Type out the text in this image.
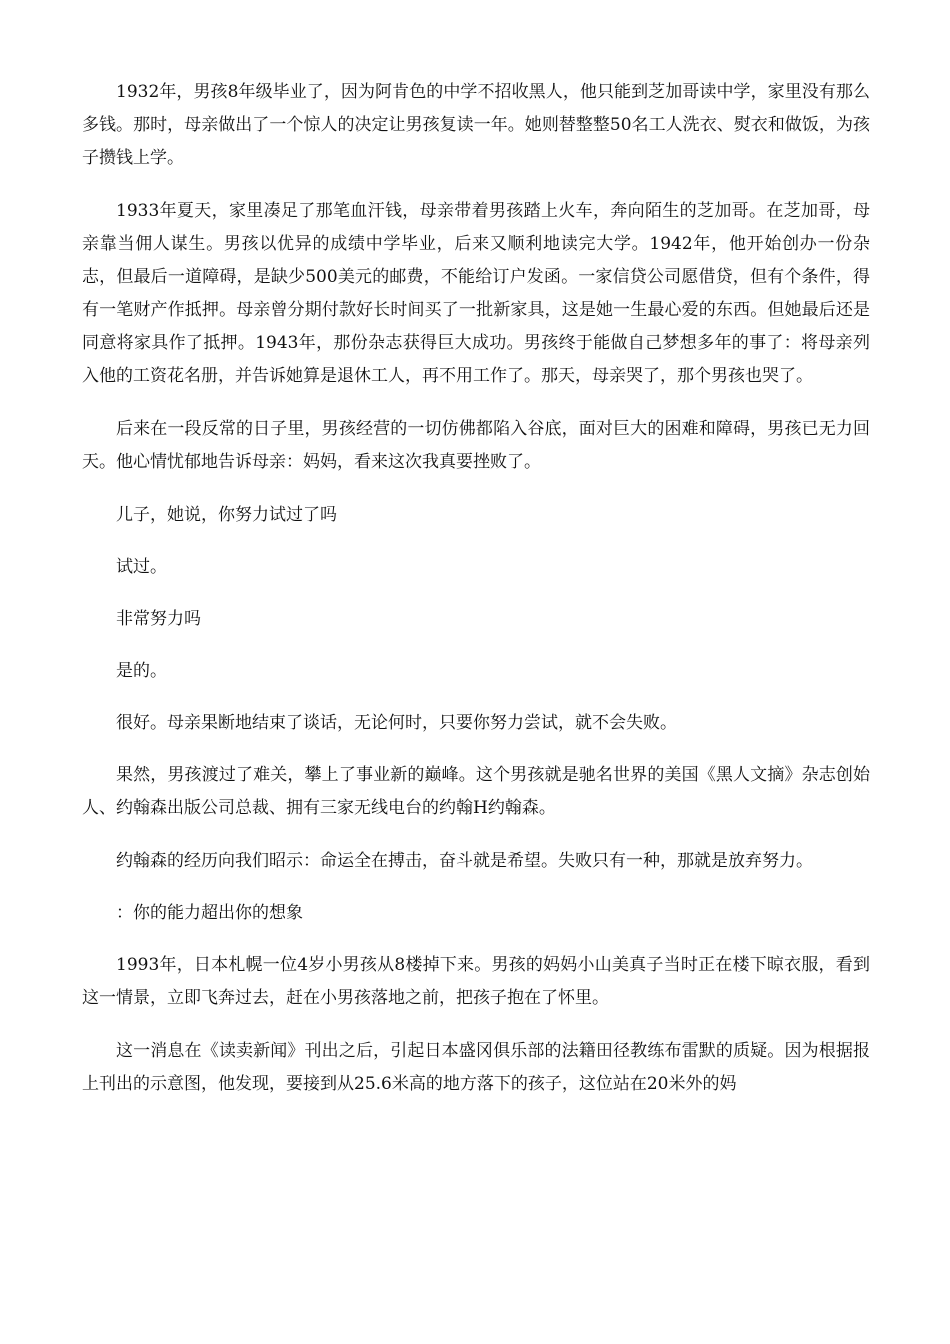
1932年，男孩8年级毕业了，因为阿肯色的中学不招收黑人，他只能到芝加哥读中学，家里没有那么多钱。那时，母亲做出了一个惊人的决定让男孩复读一年。她则替整整50名工人洗衣、熨衣和做饭，为孩子攒钱上学。

1933年夏天，家里凑足了那笔血汗钱，母亲带着男孩踏上火车，奔向陌生的芝加哥。在芝加哥，母亲靠当佣人谋生。男孩以优异的成绩中学毕业，后来又顺利地读完大学。1942年，他开始创办一份杂志，但最后一道障碍，是缺少500美元的邮费，不能给订户发函。一家信贷公司愿借贷，但有个条件，得有一笔财产作抵押。母亲曾分期付款好长时间买了一批新家具，这是她一生最心爱的东西。但她最后还是同意将家具作了抵押。1943年，那份杂志获得巨大成功。男孩终于能做自己梦想多年的事了：将母亲列入他的工资花名册，并告诉她算是退休工人，再不用工作了。那天，母亲哭了，那个男孩也哭了。

后来在一段反常的日子里，男孩经营的一切仿佛都陷入谷底，面对巨大的困难和障碍，男孩已无力回天。他心情忧郁地告诉母亲：妈妈，看来这次我真要挫败了。

儿子，她说，你努力试过了吗

试过。

非常努力吗

是的。

很好。母亲果断地结束了谈话，无论何时，只要你努力尝试，就不会失败。

果然，男孩渡过了难关，攀上了事业新的巅峰。这个男孩就是驰名世界的美国《黑人文摘》杂志创始人、约翰森出版公司总裁、拥有三家无线电台的约翰H约翰森。

约翰森的经历向我们昭示：命运全在搏击，奋斗就是希望。失败只有一种，那就是放弃努力。

：你的能力超出你的想象

1993年，日本札幌一位4岁小男孩从8楼掉下来。男孩的妈妈小山美真子当时正在楼下晾衣服，看到这一情景，立即飞奔过去，赶在小男孩落地之前，把孩子抱在了怀里。

这一消息在《读卖新闻》刊出之后，引起日本盛冈俱乐部的法籍田径教练布雷默的质疑。因为根据报上刊出的示意图，他发现，要接到从25.6米高的地方落下的孩子，这位站在20米外的妈
